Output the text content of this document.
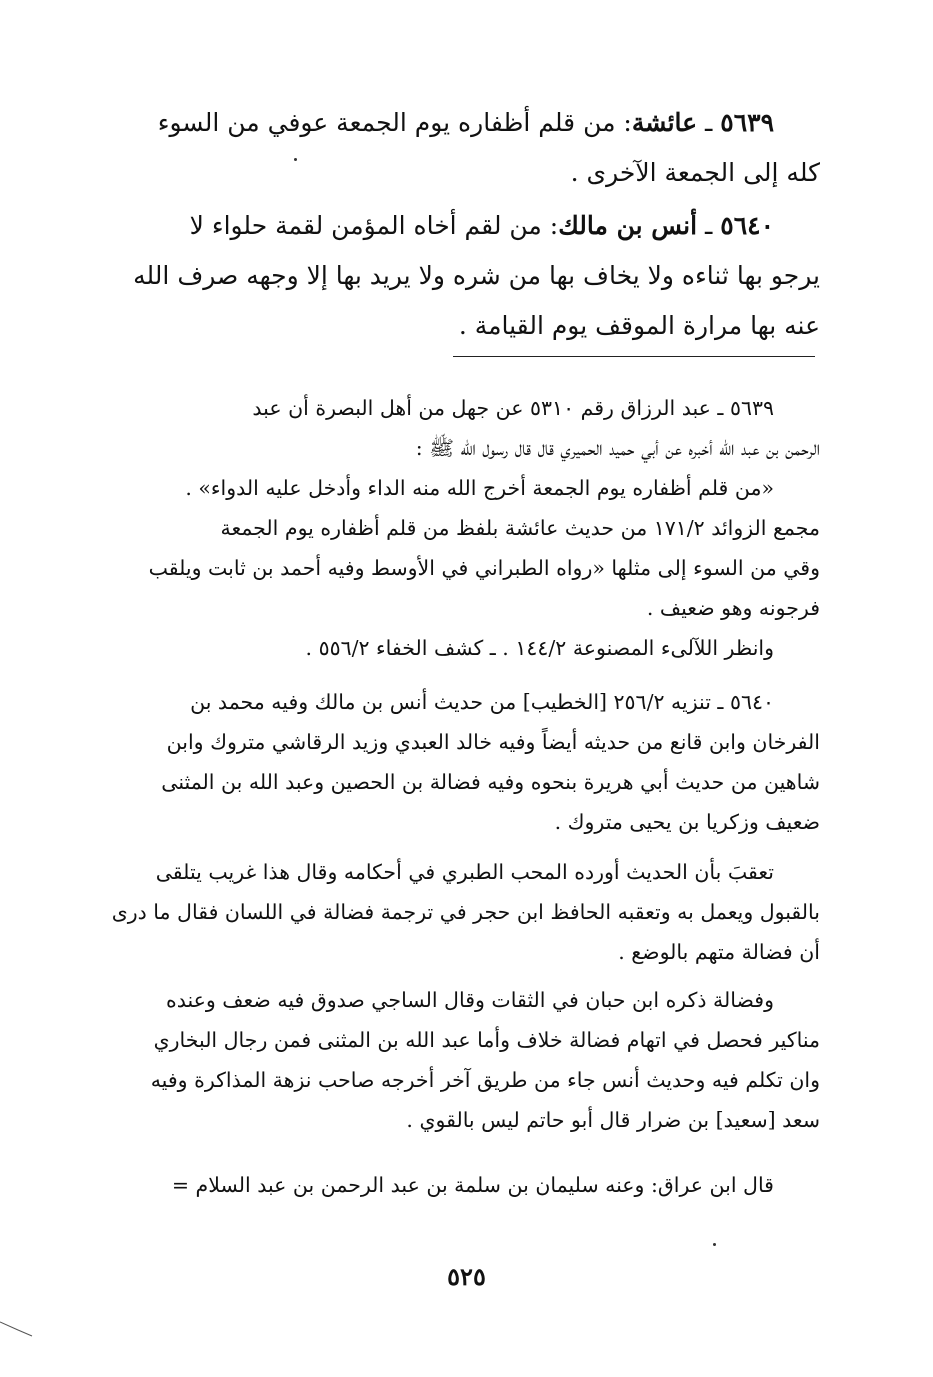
٥٦٣٩ ـ عائشة: من قلم أظفاره يوم الجمعة عوفي من السوء
كله إلى الجمعة الآخرى .
٥٦٤٠ ـ أنس بن مالك: من لقم أخاه المؤمن لقمة حلواء لا
يرجو بها ثناءه ولا يخاف بها من شره ولا يريد بها إلا وجهه صرف الله
عنه بها مرارة الموقف يوم القيامة .
٥٦٣٩ ـ عبد الرزاق رقم ٥٣١٠ عن جهل من أهل البصرة أن عبد
الرحمن بن عبد الله أخبره عن أبي حميد الحميري قال قال رسول الله ﷺ :
«من قلم أظفاره يوم الجمعة أخرج الله منه الداء وأدخل عليه الدواء» .
مجمع الزوائد ١٧١/٢ من حديث عائشة بلفظ من قلم أظفاره يوم الجمعة
وقي من السوء إلى مثلها «رواه الطبراني في الأوسط وفيه أحمد بن ثابت ويلقب
فرجونه وهو ضعيف .
وانظر اللآلىء المصنوعة ١٤٤/٢ . ـ كشف الخفاء ٥٥٦/٢ .
٥٦٤٠ ـ تنزيه ٢٥٦/٢ [الخطيب] من حديث أنس بن مالك وفيه محمد بن
الفرخان وابن قانع من حديثه أيضاً وفيه خالد العبدي وزيد الرقاشي متروك وابن
شاهين من حديث أبي هريرة بنحوه وفيه فضالة بن الحصين وعبد الله بن المثنى
ضعيف وزكريا بن يحيى متروك .
تعقبَ بأن الحديث أورده المحب الطبري في أحكامه وقال هذا غريب يتلقى
بالقبول ويعمل به وتعقبه الحافظ ابن حجر في ترجمة فضالة في اللسان فقال ما درى
أن فضالة متهم بالوضع .
وفضالة ذكره ابن حبان في الثقات وقال الساجي صدوق فيه ضعف وعنده
مناكير فحصل في اتهام فضالة خلاف وأما عبد الله بن المثنى فمن رجال البخاري
وان تكلم فيه وحديث أنس جاء من طريق آخر أخرجه صاحب نزهة المذاكرة وفيه
سعد [سعيد] بن ضرار قال أبو حاتم ليس بالقوي .
قال ابن عراق: وعنه سليمان بن سلمة بن عبد الرحمن بن عبد السلام =
٥٢٥
